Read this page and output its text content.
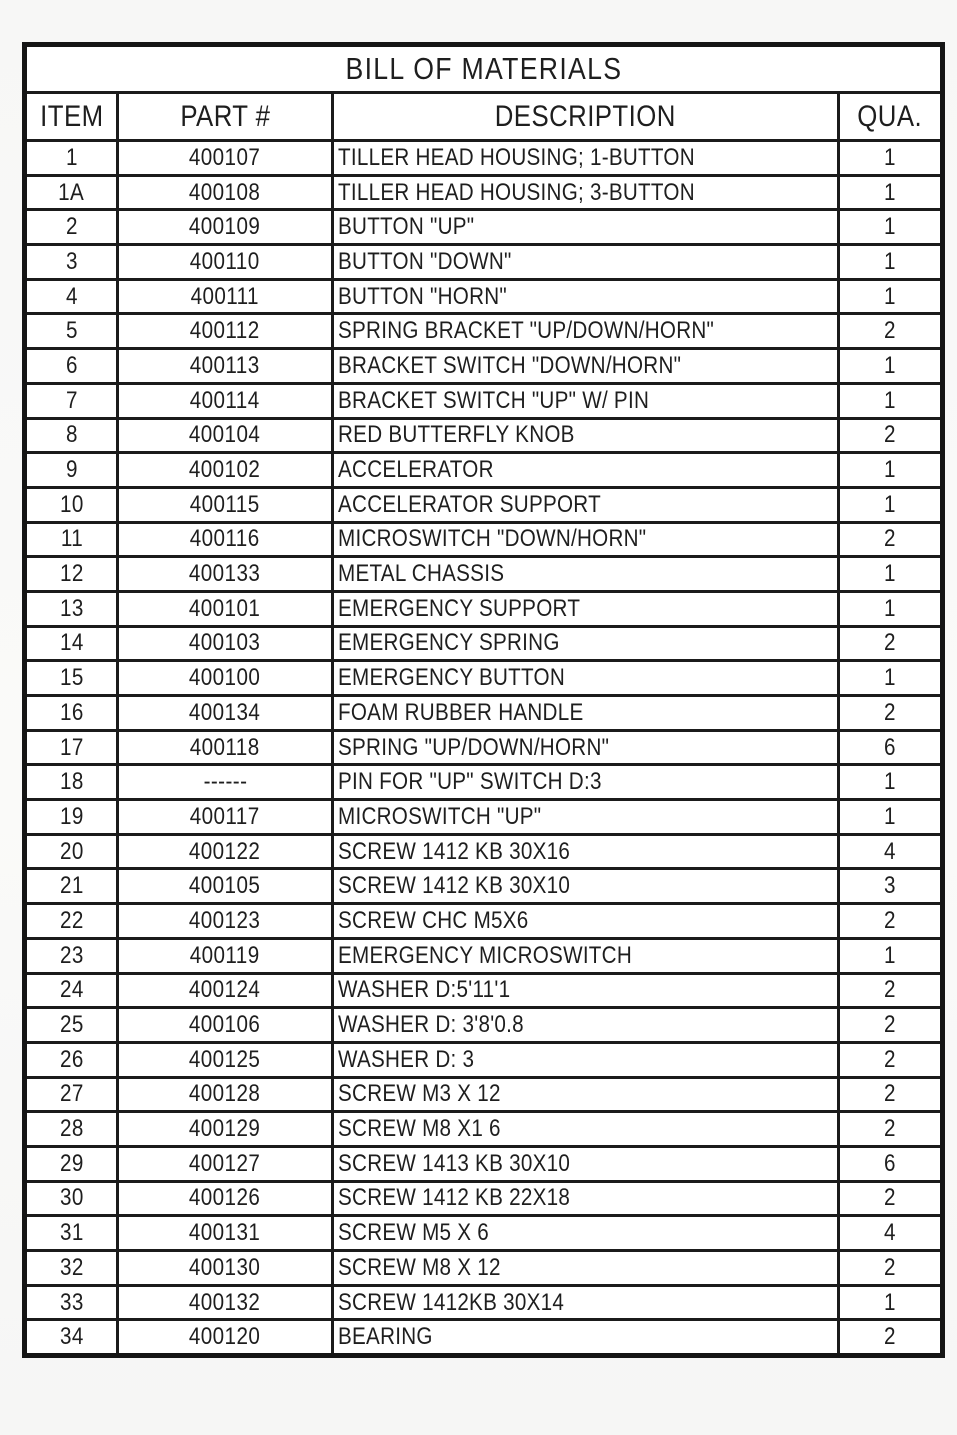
BILL OF MATERIALS			
ITEM	PART #	DESCRIPTION	QUA.
1	400107	TILLER HEAD HOUSING; 1-BUTTON	1
1A	400108	TILLER HEAD HOUSING; 3-BUTTON	1
2	400109	BUTTON "UP"	1
3	400110	BUTTON "DOWN"	1
4	400111	BUTTON "HORN"	1
5	400112	SPRING BRACKET "UP/DOWN/HORN"	2
6	400113	BRACKET SWITCH "DOWN/HORN"	1
7	400114	BRACKET SWITCH "UP" W/ PIN	1
8	400104	RED BUTTERFLY KNOB	2
9	400102	ACCELERATOR	1
10	400115	ACCELERATOR SUPPORT	1
11	400116	MICROSWITCH "DOWN/HORN"	2
12	400133	METAL CHASSIS	1
13	400101	EMERGENCY SUPPORT	1
14	400103	EMERGENCY SPRING	2
15	400100	EMERGENCY BUTTON	1
16	400134	FOAM RUBBER HANDLE	2
17	400118	SPRING "UP/DOWN/HORN"	6
18	------	PIN FOR "UP" SWITCH D:3	1
19	400117	MICROSWITCH "UP"	1
20	400122	SCREW 1412 KB 30X16	4
21	400105	SCREW 1412 KB 30X10	3
22	400123	SCREW CHC M5X6	2
23	400119	EMERGENCY MICROSWITCH	1
24	400124	WASHER D:5'11'1	2
25	400106	WASHER D: 3'8'0.8	2
26	400125	WASHER D: 3	2
27	400128	SCREW M3 X 12	2
28	400129	SCREW M8 X1 6	2
29	400127	SCREW 1413 KB 30X10	6
30	400126	SCREW 1412 KB 22X18	2
31	400131	SCREW M5 X 6	4
32	400130	SCREW M8 X 12	2
33	400132	SCREW 1412KB 30X14	1
34	400120	BEARING	2
